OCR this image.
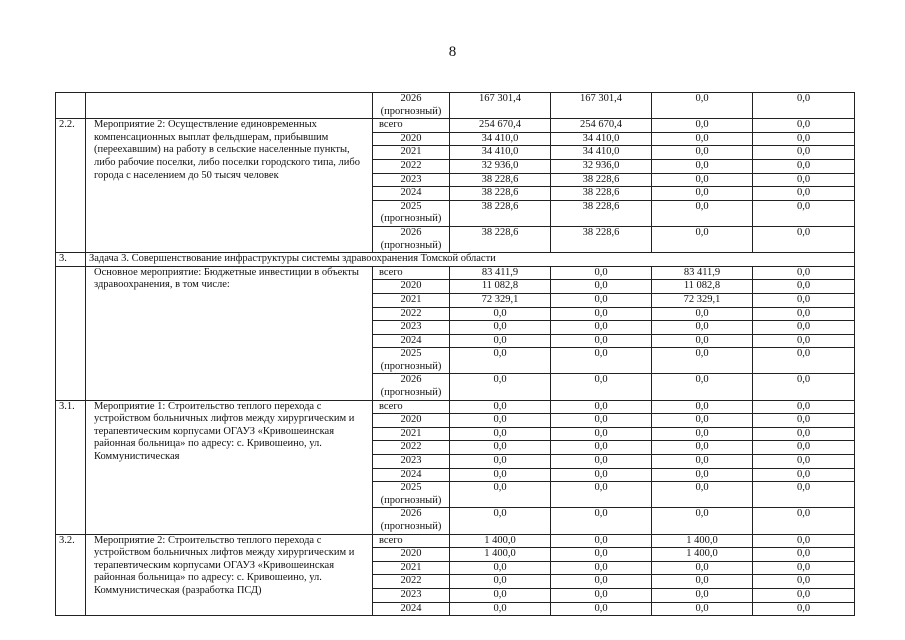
8
		2026
(прогнозный)	167 301,4	167 301,4	0,0	0,0
2.2.	Мероприятие 2: Осуществление единовременных компенсационных выплат фельдшерам, прибывшим (переехавшим) на работу в сельские населенные пункты, либо рабочие поселки, либо поселки городского типа, либо города с населением до 50 тысяч человек	всего	254 670,4	254 670,4	0,0	0,0
		2020	34 410,0	34 410,0	0,0	0,0
		2021	34 410,0	34 410,0	0,0	0,0
		2022	32 936,0	32 936,0	0,0	0,0
		2023	38 228,6	38 228,6	0,0	0,0
		2024	38 228,6	38 228,6	0,0	0,0
		2025
(прогнозный)	38 228,6	38 228,6	0,0	0,0
		2026
(прогнозный)	38 228,6	38 228,6	0,0	0,0
3.	Задача 3. Совершенствование инфраструктуры системы здравоохранения Томской области					
	Основное мероприятие: Бюджетные инвестиции в объекты здравоохранения, в том числе:	всего	83 411,9	0,0	83 411,9	0,0
		2020	11 082,8	0,0	11 082,8	0,0
		2021	72 329,1	0,0	72 329,1	0,0
		2022	0,0	0,0	0,0	0,0
		2023	0,0	0,0	0,0	0,0
		2024	0,0	0,0	0,0	0,0
		2025
(прогнозный)	0,0	0,0	0,0	0,0
		2026
(прогнозный)	0,0	0,0	0,0	0,0
3.1.	Мероприятие 1: Строительство теплого перехода с устройством больничных лифтов между хирургическим и терапевтическим корпусами ОГАУЗ «Кривошеинская районная больница» по адресу: с. Кривошеино, ул. Коммунистическая	всего	0,0	0,0	0,0	0,0
		2020	0,0	0,0	0,0	0,0
		2021	0,0	0,0	0,0	0,0
		2022	0,0	0,0	0,0	0,0
		2023	0,0	0,0	0,0	0,0
		2024	0,0	0,0	0,0	0,0
		2025
(прогнозный)	0,0	0,0	0,0	0,0
		2026
(прогнозный)	0,0	0,0	0,0	0,0
3.2.	Мероприятие 2: Строительство теплого перехода с устройством больничных лифтов между хирургическим и терапевтическим корпусами ОГАУЗ «Кривошеинская районная больница» по адресу: с. Кривошеино, ул. Коммунистическая (разработка ПСД)	всего	1 400,0	0,0	1 400,0	0,0
		2020	1 400,0	0,0	1 400,0	0,0
		2021	0,0	0,0	0,0	0,0
		2022	0,0	0,0	0,0	0,0
		2023	0,0	0,0	0,0	0,0
		2024	0,0	0,0	0,0	0,0
